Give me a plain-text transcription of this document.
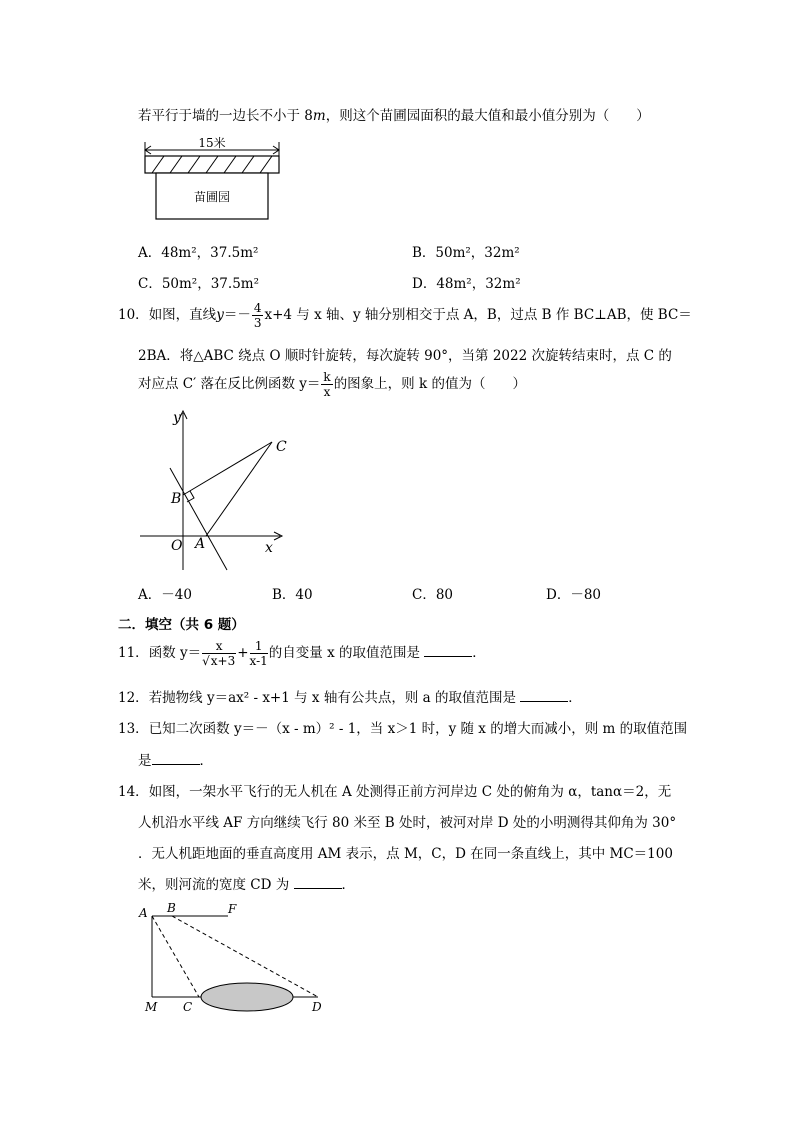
若平行于墙的一边长不小于 8m，则这个苗圃园面积的最大值和最小值分别为（　　）
15米
苗圃园
A．48m²，37.5m²	B．50m²，32m²
C．50m²，37.5m²	D．48m²，32m²
10．如图，直线$y=- \frac{4}{3} x+4$ 与 x 轴、y 轴分别相交于点 A，B，过点 B 作 BC⊥AB，使 BC＝
2BA．将△ABC 绕点 O 顺时针旋转，每次旋转 90°，当第 2022 次旋转结束时，点 C 的
对应点 C′ 落在反比例函数 $y= \frac{k}{x}$ 的图象上，则 k 的值为（　　）
y
x
O A
B
C
A．－40	B．40	C．80	D．－80
二．填空（共 6 题）
11．函数 $y= \frac{x}{√x+3} + \frac{1}{x-1}$ 的自变量 x 的取值范围是	．
12．若抛物线 y＝ax² - x+1 与 x 轴有公共点，则 a 的取值范围是	．
13．已知二次函数 y＝－（x - m）² - 1，当 x＞1 时，y 随 x 的增大而减小，则 m 的取值范围
是	．
14．如图，一架水平飞行的无人机在 A 处测得正前方河岸边 C 处的俯角为 α，tanα＝2，无
人机沿水平线 AF 方向继续飞行 80 米至 B 处时，被河对岸 D 处的小明测得其仰角为 30°
．无人机距地面的垂直高度用 AM 表示，点 M，C，D 在同一条直线上，其中 MC＝100
米，则河流的宽度 CD 为	．
A B	F
M C	D
